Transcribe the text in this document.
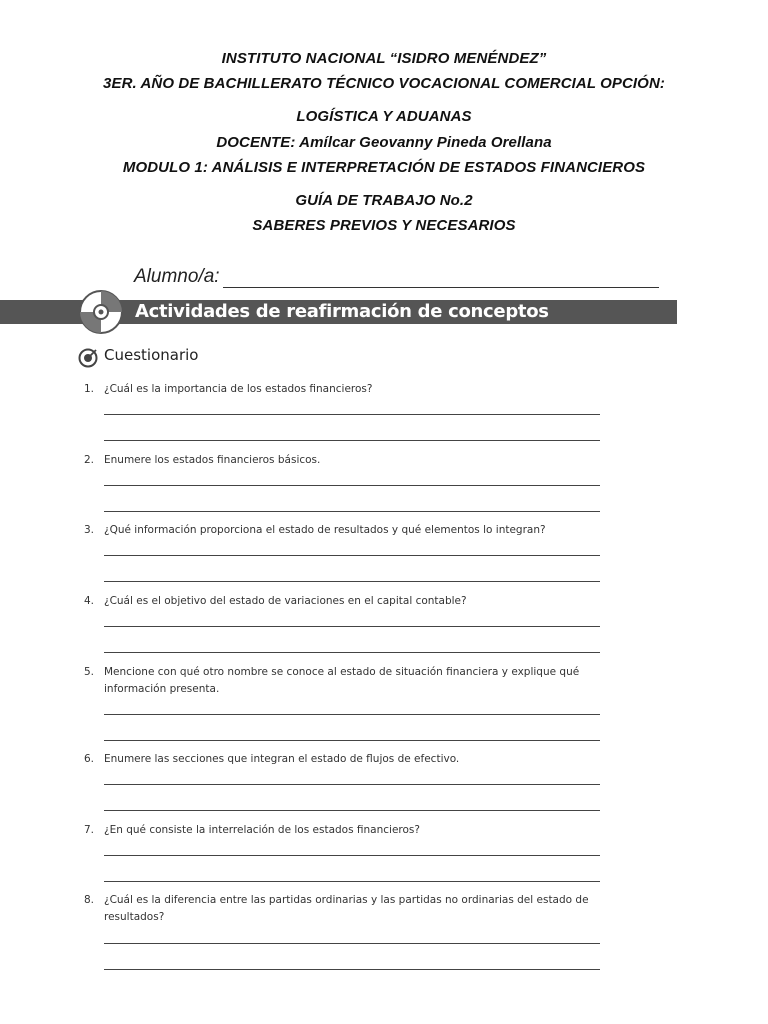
INSTITUTO NACIONAL “ISIDRO MENÉNDEZ”
3ER. AÑO DE BACHILLERATO TÉCNICO VOCACIONAL COMERCIAL OPCIÓN:
LOGÍSTICA Y ADUANAS
DOCENTE: Amílcar Geovanny Pineda Orellana
MODULO 1: ANÁLISIS E INTERPRETACIÓN DE ESTADOS FINANCIEROS
GUÍA DE TRABAJO No.2
SABERES PREVIOS Y NECESARIOS
Alumno/a:
Actividades de reafirmación de conceptos
Cuestionario
1. ¿Cuál es la importancia de los estados financieros?
2. Enumere los estados financieros básicos.
3. ¿Qué información proporciona el estado de resultados y qué elementos lo integran?
4. ¿Cuál es el objetivo del estado de variaciones en el capital contable?
5. Mencione con qué otro nombre se conoce al estado de situación financiera y explique qué información presenta.
6. Enumere las secciones que integran el estado de flujos de efectivo.
7. ¿En qué consiste la interrelación de los estados financieros?
8. ¿Cuál es la diferencia entre las partidas ordinarias y las partidas no ordinarias del estado de resultados?
